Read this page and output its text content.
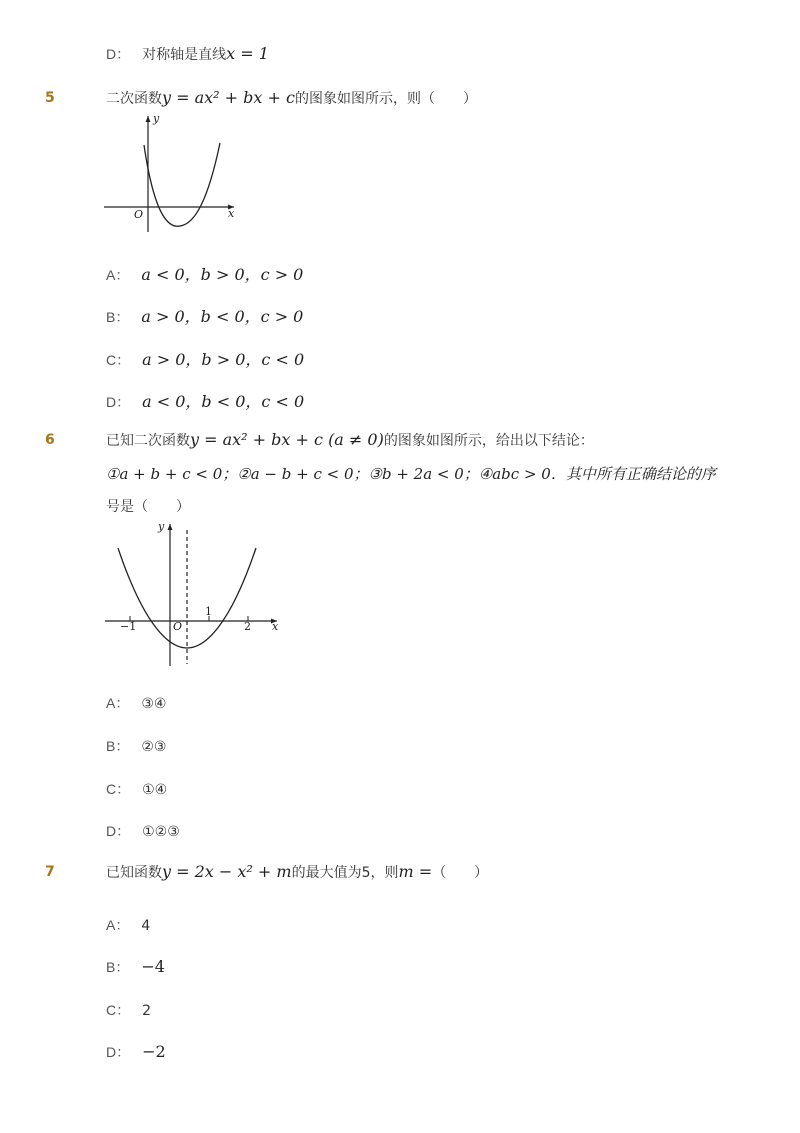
D： 对称轴是直线x = 1
5	二次函数y = ax² + bx + c的图象如图所示，则（　　）
y
x
O
A： a < 0，b > 0，c > 0
B： a > 0，b < 0，c > 0
C： a > 0，b > 0，c < 0
D： a < 0，b < 0，c < 0
6	已知二次函数y = ax² + bx + c (a ≠ 0)的图象如图所示，给出以下结论：
①a + b + c < 0；②a − b + c < 0；③b + 2a < 0；④abc > 0．其中所有正确结论的序
号是（　　）
y
x
O
−1
1
2
A： ③④
B： ②③
C： ①④
D： ①②③
7	已知函数y = 2x − x² + m的最大值为5，则m =（　　）
A： 4
B： −4
C： 2
D： −2
